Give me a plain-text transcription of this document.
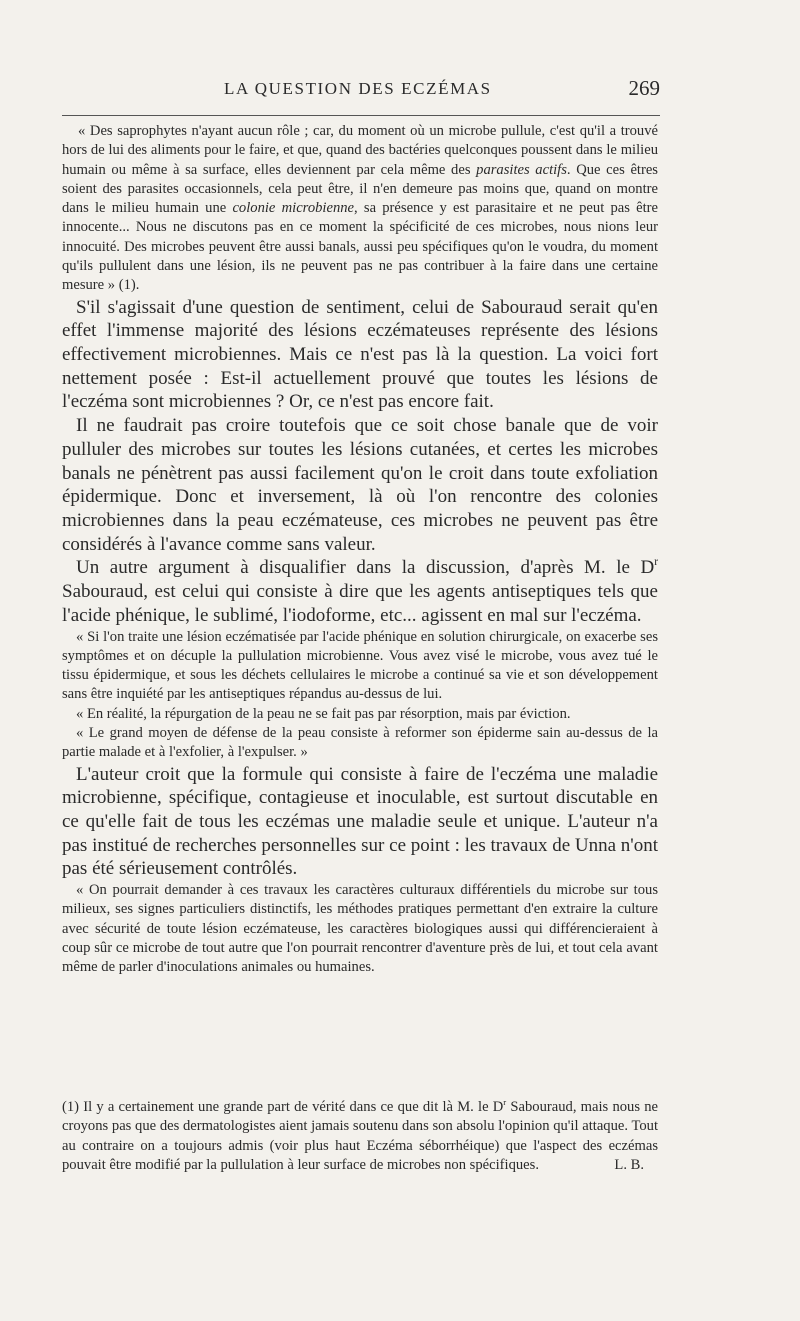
LA QUESTION DES ECZÉMAS	269

« Des saprophytes n'ayant aucun rôle ; car, du moment où un microbe pullule, c'est qu'il a trouvé hors de lui des aliments pour le faire, et que, quand des bactéries quelconques poussent dans le milieu humain ou même à sa surface, elles deviennent par cela même des parasites actifs. Que ces êtres soient des parasites occasionnels, cela peut être, il n'en demeure pas moins que, quand on montre dans le milieu humain une colonie microbienne, sa présence y est parasitaire et ne peut pas être innocente... Nous ne discutons pas en ce moment la spécificité de ces microbes, nous nions leur innocuité. Des microbes peuvent être aussi banals, aussi peu spécifiques qu'on le voudra, du moment qu'ils pullulent dans une lésion, ils ne peuvent pas ne pas contribuer à la faire dans une certaine mesure » (1).

S'il s'agissait d'une question de sentiment, celui de Sabouraud serait qu'en effet l'immense majorité des lésions eczémateuses représente des lésions effectivement microbiennes. Mais ce n'est pas là la question. La voici fort nettement posée : Est-il actuellement prouvé que toutes les lésions de l'eczéma sont microbiennes ? Or, ce n'est pas encore fait.

Il ne faudrait pas croire toutefois que ce soit chose banale que de voir pulluler des microbes sur toutes les lésions cutanées, et certes les microbes banals ne pénètrent pas aussi facilement qu'on le croit dans toute exfoliation épidermique. Donc et inversement, là où l'on rencontre des colonies microbiennes dans la peau eczémateuse, ces microbes ne peuvent pas être considérés à l'avance comme sans valeur.

Un autre argument à disqualifier dans la discussion, d'après M. le $D^r$ Sabouraud, est celui qui consiste à dire que les agents antiseptiques tels que l'acide phénique, le sublimé, l'iodoforme, etc... agissent en mal sur l'eczéma.

« Si l'on traite une lésion eczématisée par l'acide phénique en solution chirurgicale, on exacerbe ses symptômes et on décuple la pullulation microbienne. Vous avez visé le microbe, vous avez tué le tissu épidermique, et sous les déchets cellulaires le microbe a continué sa vie et son développement sans être inquiété par les antiseptiques répandus au-dessus de lui.

« En réalité, la répurgation de la peau ne se fait pas par résorption, mais par éviction.

« Le grand moyen de défense de la peau consiste à reformer son épiderme sain au-dessus de la partie malade et à l'exfolier, à l'expulser. »

L'auteur croit que la formule qui consiste à faire de l'eczéma une maladie microbienne, spécifique, contagieuse et inoculable, est surtout discutable en ce qu'elle fait de tous les eczémas une maladie seule et unique. L'auteur n'a pas institué de recherches personnelles sur ce point : les travaux de Unna n'ont pas été sérieusement contrôlés.

« On pourrait demander à ces travaux les caractères culturaux différentiels du microbe sur tous milieux, ses signes particuliers distinctifs, les méthodes pratiques permettant d'en extraire la culture avec sécurité de toute lésion eczémateuse, les caractères biologiques aussi qui différencieraient à coup sûr ce microbe de tout autre que l'on pourrait rencontrer d'aventure près de lui, et tout cela avant même de parler d'inoculations animales ou humaines.

(1) Il y a certainement une grande part de vérité dans ce que dit là M. le $D^r$ Sabouraud, mais nous ne croyons pas que des dermatologistes aient jamais soutenu dans son absolu l'opinion qu'il attaque. Tout au contraire on a toujours admis (voir plus haut Eczéma séborrhéique) que l'aspect des eczémas pouvait être modifié par la pullulation à leur surface de microbes non spécifiques.	L. B.
